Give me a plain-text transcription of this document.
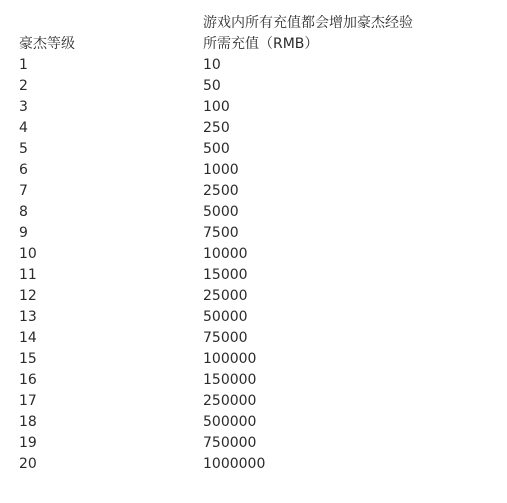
豪杰等级	游戏内所有充值都会增加豪杰经验
所需充值（RMB）

1	10
2	50
3	100
4	250
5	500
6	1000
7	2500
8	5000
9	7500
10	10000
11	15000
12	25000
13	50000
14	75000
15	100000
16	150000
17	250000
18	500000
19	750000
20	1000000
